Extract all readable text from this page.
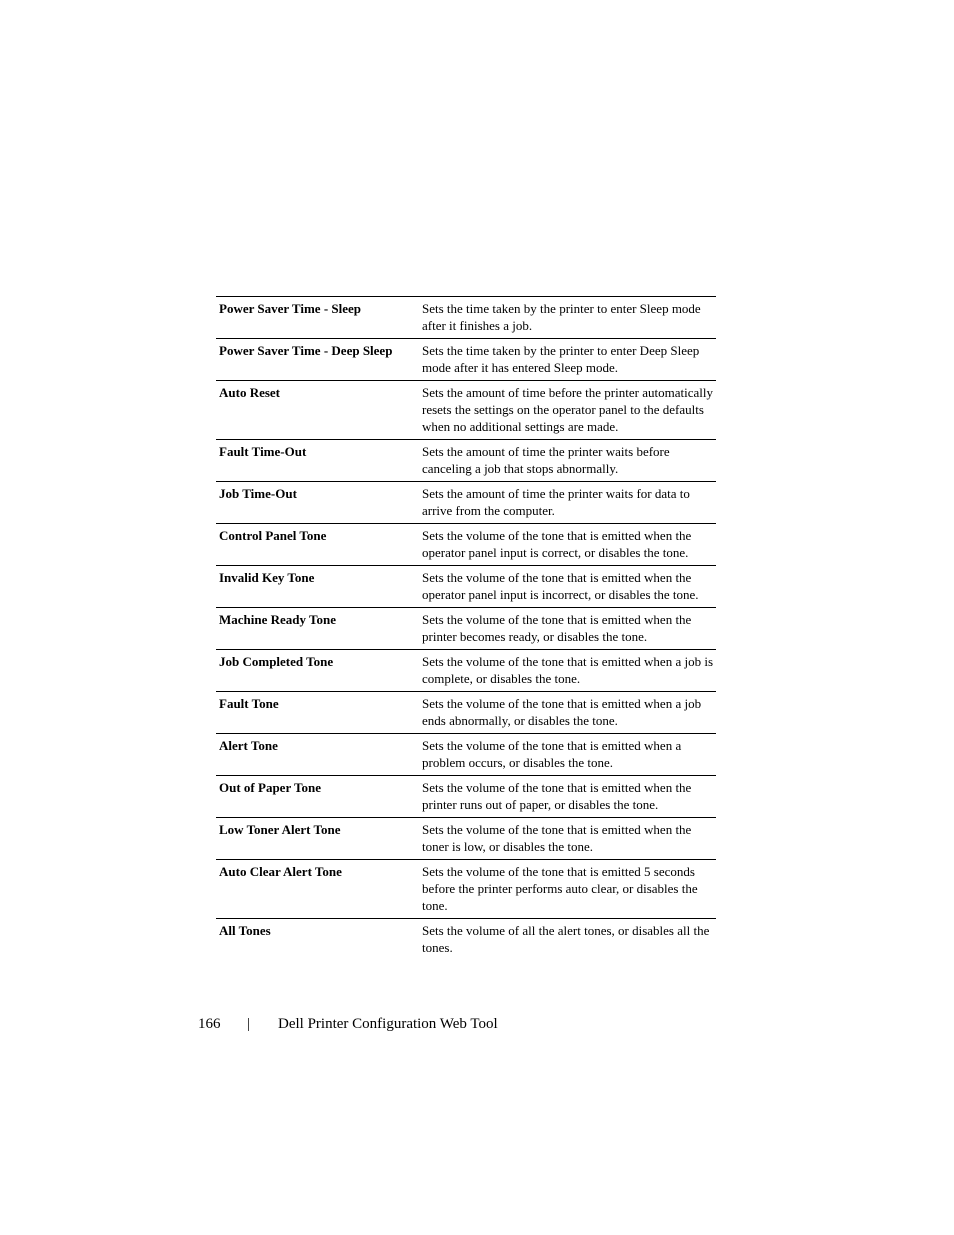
Power Saver Time - Sleep	Sets the time taken by the printer to enter Sleep mode after it finishes a job.
Power Saver Time - Deep Sleep	Sets the time taken by the printer to enter Deep Sleep mode after it has entered Sleep mode.
Auto Reset	Sets the amount of time before the printer automatically resets the settings on the operator panel to the defaults when no additional settings are made.
Fault Time-Out	Sets the amount of time the printer waits before canceling a job that stops abnormally.
Job Time-Out	Sets the amount of time the printer waits for data to arrive from the computer.
Control Panel Tone	Sets the volume of the tone that is emitted when the operator panel input is correct, or disables the tone.
Invalid Key Tone	Sets the volume of the tone that is emitted when the operator panel input is incorrect, or disables the tone.
Machine Ready Tone	Sets the volume of the tone that is emitted when the printer becomes ready, or disables the tone.
Job Completed Tone	Sets the volume of the tone that is emitted when a job is complete, or disables the tone.
Fault Tone	Sets the volume of the tone that is emitted when a job ends abnormally, or disables the tone.
Alert Tone	Sets the volume of the tone that is emitted when a problem occurs, or disables the tone.
Out of Paper Tone	Sets the volume of the tone that is emitted when the printer runs out of paper, or disables the tone.
Low Toner Alert Tone	Sets the volume of the tone that is emitted when the toner is low, or disables the tone.
Auto Clear Alert Tone	Sets the volume of the tone that is emitted 5 seconds before the printer performs auto clear, or disables the tone.
All Tones	Sets the volume of all the alert tones, or disables all the tones.
166 | Dell Printer Configuration Web Tool
